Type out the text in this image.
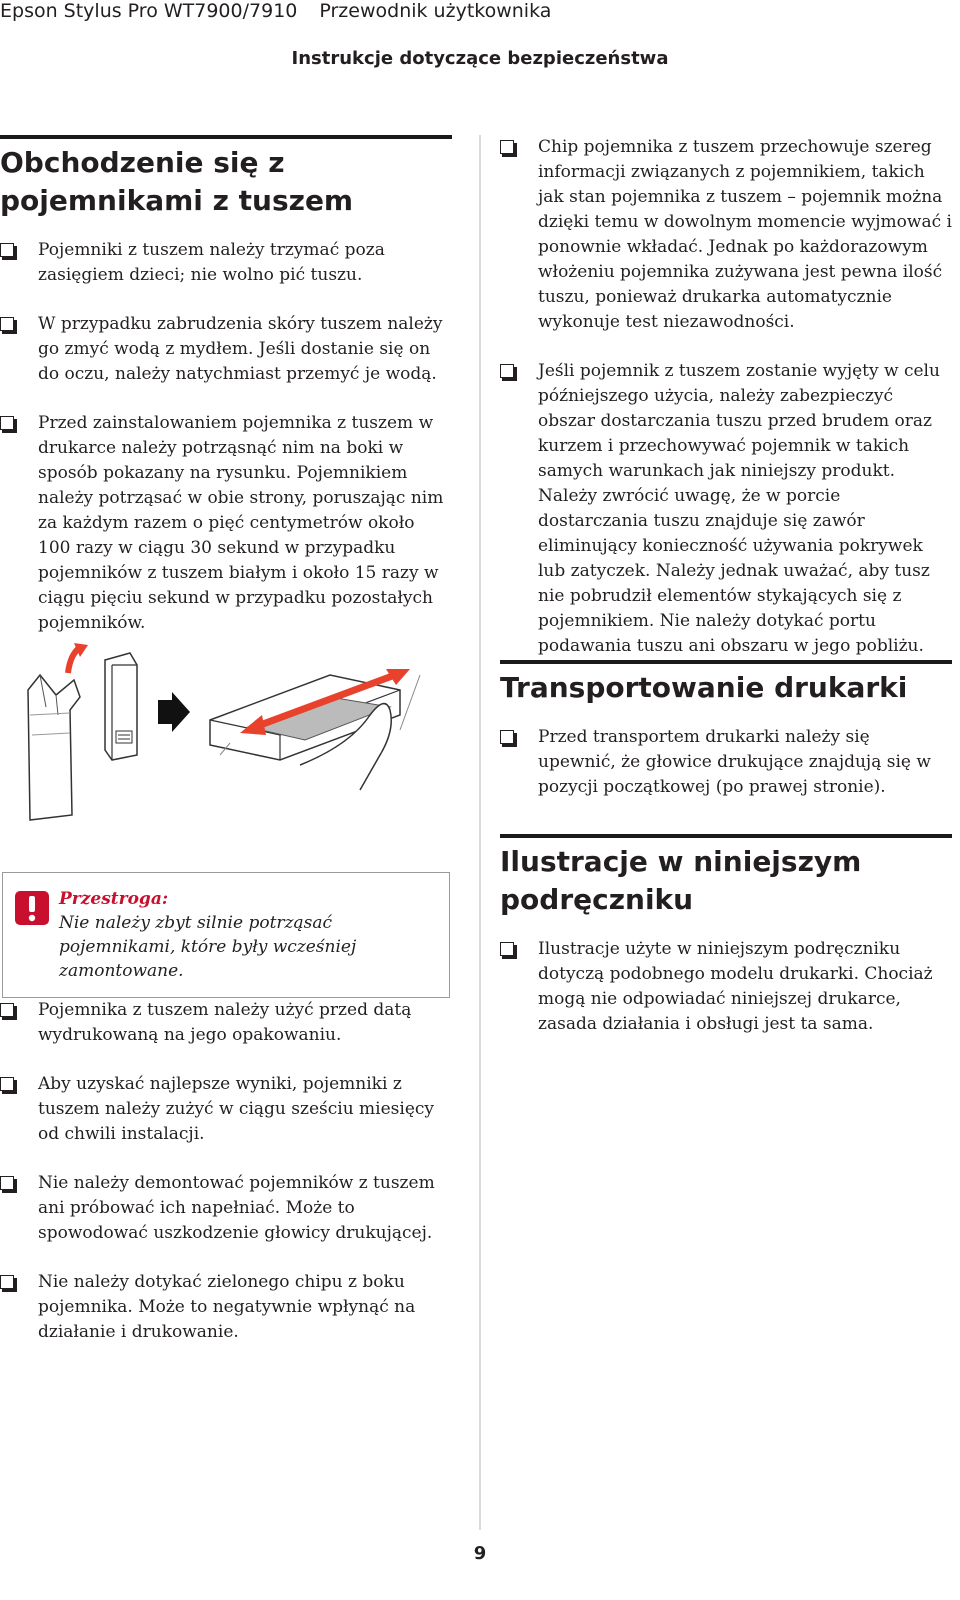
Epson Stylus Pro WT7900/7910 Przewodnik użytkownika
Instrukcje dotyczące bezpieczeństwa
Obchodzenie się z pojemnikami z tuszem
Pojemniki z tuszem należy trzymać poza zasięgiem dzieci; nie wolno pić tuszu.
W przypadku zabrudzenia skóry tuszem należy go zmyć wodą z mydłem. Jeśli dostanie się on do oczu, należy natychmiast przemyć je wodą.
Przed zainstalowaniem pojemnika z tuszem w drukarce należy potrząsnąć nim na boki w sposób pokazany na rysunku. Pojemnikiem należy potrząsać w obie strony, poruszając nim za każdym razem o pięć centymetrów około 100 razy w ciągu 30 sekund w przypadku pojemników z tuszem białym i około 15 razy w ciągu pięciu sekund w przypadku pozostałych pojemników.
Przestroga:
Nie należy zbyt silnie potrząsać pojemnikami, które były wcześniej zamontowane.
Pojemnika z tuszem należy użyć przed datą wydrukowaną na jego opakowaniu.
Aby uzyskać najlepsze wyniki, pojemniki z tuszem należy zużyć w ciągu sześciu miesięcy od chwili instalacji.
Nie należy demontować pojemników z tuszem ani próbować ich napełniać. Może to spowodować uszkodzenie głowicy drukującej.
Nie należy dotykać zielonego chipu z boku pojemnika. Może to negatywnie wpłynąć na działanie i drukowanie.
Chip pojemnika z tuszem przechowuje szereg informacji związanych z pojemnikiem, takich jak stan pojemnika z tuszem – pojemnik można dzięki temu w dowolnym momencie wyjmować i ponownie wkładać. Jednak po każdorazowym włożeniu pojemnika zużywana jest pewna ilość tuszu, ponieważ drukarka automatycznie wykonuje test niezawodności.
Jeśli pojemnik z tuszem zostanie wyjęty w celu późniejszego użycia, należy zabezpieczyć obszar dostarczania tuszu przed brudem oraz kurzem i przechowywać pojemnik w takich samych warunkach jak niniejszy produkt. Należy zwrócić uwagę, że w porcie dostarczania tuszu znajduje się zawór eliminujący konieczność używania pokrywek lub zatyczek. Należy jednak uważać, aby tusz nie pobrudził elementów stykających się z pojemnikiem. Nie należy dotykać portu podawania tuszu ani obszaru w jego pobliżu.
Transportowanie drukarki
Przed transportem drukarki należy się upewnić, że głowice drukujące znajdują się w pozycji początkowej (po prawej stronie).
Ilustracje w niniejszym podręczniku
Ilustracje użyte w niniejszym podręczniku dotyczą podobnego modelu drukarki. Chociaż mogą nie odpowiadać niniejszej drukarce, zasada działania i obsługi jest ta sama.
9
